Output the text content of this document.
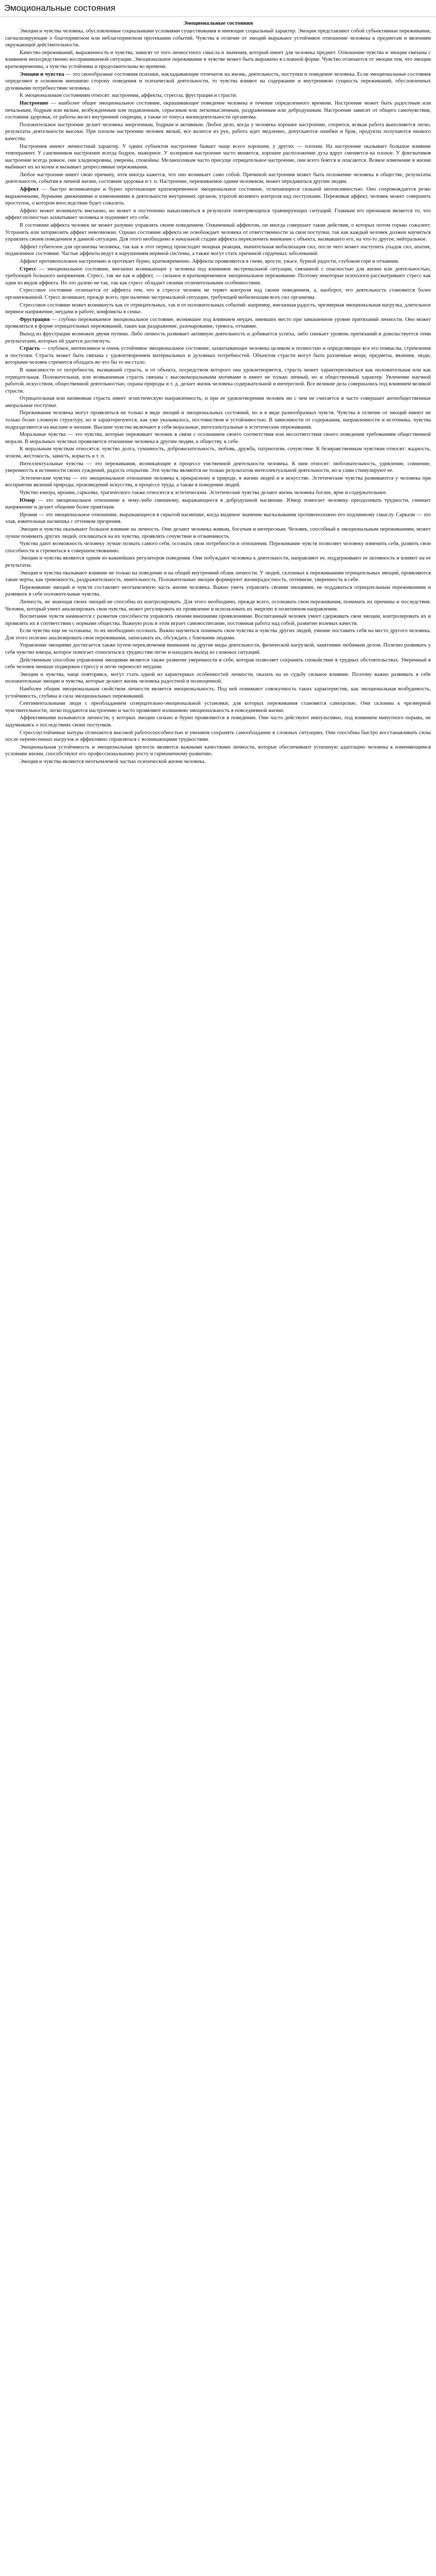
Эмоциональные состояния
Эмоциональные состояния

Эмоции и чувства человека, обусловленные социальными условиями существования и имеющие социальный характер. Эмоции представляют собой субъективные переживания, сигнализирующие о благоприятном или неблагоприятном протекании событий. Чувства в отличие от эмоций выражают устойчивое отношение человека к предметам и явлениям окружающей действительности.

Качество переживаний, выраженность и чувства, зависят от того личностного смысла и значения, который имеет для человека предмет. Отношение чувства и эмоции связаны с влиянием непосредственно воспринимаемой ситуации. Эмоциональное переживание в чувстве может быть выражено в сложной форме. Чувство отличается от эмоции тем, что эмоции кратковременны, а чувства устойчивы и продолжительны во времени.

Эмоции и чувства — это своеобразные состояния психики, накладывающие отпечаток на жизнь, деятельность, поступки и поведение человека. Если эмоциональные состояния определяют в основном внешнюю сторону поведения и психической деятельности, то чувства влияют на содержание и внутреннюю сущность переживаний, обусловленных духовными потребностями человека.

К эмоциональным состояниям относят: настроения, аффекты, стрессы, фрустрации и страсти.

Настроение — наиболее общее эмоциональное состояние, окрашивающее поведение человека в течение определенного времени. Настроение может быть радостным или печальным, бодрым или вялым, возбужденным или подавленным, серьезным или легкомысленным, раздраженным или добродушным. Настроение зависит от общего самочувствия, состояния здоровья, от работы желез внутренней секреции, а также от тонуса жизнедеятельности организма.

Положительное настроение делает человека энергичным, бодрым и активным. Любое дело, когда у человека хорошее настроение, спорится, всякая работа выполняется легко, результаты деятельности высоки. При плохом настроении человек вялый, все валится из рук, работа идет медленно, допускаются ошибки и брак, продукты получаются низкого качества.

Настроения имеют личностный характер. У одних субъектов настроение бывает чаще всего хорошим, у других — плохим. На настроение оказывает большое влияние темперамент. У сангвиников настроение всегда бодрое, мажорное. У холериков настроение часто меняется, хорошее расположение духа вдруг сменяется на плохое. У флегматиков настроение всегда ровное, они хладнокровны, уверены, спокойны. Меланхоликам часто присуще отрицательное настроение, они всего боятся и опасаются. Всякое изменение в жизни выбивает их из колеи и вызывает депрессивные переживания.

Любое настроение имеет свою причину, хотя иногда кажется, что оно возникает само собой. Причиной настроения может быть положение человека в обществе, результаты деятельности, события в личной жизни, состояние здоровья и т. п. Настроение, переживаемое одним человеком, может передаваться другим людям.

Аффект — быстро возникающее и бурно протекающее кратковременное эмоциональное состояние, отличающееся сильной интенсивностью. Оно сопровождается резко выраженными, бурными движениями и изменениями в деятельности внутренних органов, утратой волевого контроля над поступками. Переживая аффект, человек может совершить проступок, о котором впоследствии будет сожалеть.

Аффект может возникнуть внезапно, но может и постепенно накапливаться в результате повторяющихся травмирующих ситуаций. Главным его признаком является то, что аффект полностью захватывает человека и подчиняет его себе.

В состоянии аффекта человек не может разумно управлять своим поведением. Охваченный аффектом, он иногда совершает такие действия, о которых потом горько сожалеет. Устранить или затормозить аффект невозможно. Однако состояние аффекта не освобождает человека от ответственности за свои поступки, так как каждый человек должен научиться управлять своим поведением в данной ситуации. Для этого необходимо в начальной стадии аффекта переключить внимание с объекта, вызвавшего его, на что-то другое, нейтральное.

Аффект губителен для организма человека, так как в этот период происходит мощная реакция, значительная мобилизация сил, после чего может наступить упадок сил, апатия, подавленное состояние. Частые аффекты ведут к нарушениям нервной системы, а также могут стать причиной сердечных заболеваний.

Аффект противоположен настроению и протекает бурно, кратковременно. Аффекты проявляются в гневе, ярости, ужасе, бурной радости, глубоком горе и отчаянии.

Стресс — эмоциональное состояние, внезапно возникающее у человека под влиянием экстремальной ситуации, связанной с опасностью для жизни или деятельностью, требующей большого напряжения. Стресс, так же как и аффект, — сильное и кратковременное эмоциональное переживание. Поэтому некоторые психологи рассматривают стресс как один из видов аффекта. Но это далеко не так, так как стресс обладает своими отличительными особенностями.

Стрессовое состояние отличается от аффекта тем, что в стрессе человек не теряет контроля над своим поведением, а, наоборот, его деятельность становится более организованной. Стресс возникает, прежде всего, при наличии экстремальной ситуации, требующей мобилизации всех сил организма.

Стрессовое состояние может возникнуть как от отрицательных, так и от положительных событий: например, внезапная радость, чрезмерная эмоциональная нагрузка, длительное нервное напряжение, неудачи в работе, конфликты в семье.

Фрустрация — глубоко переживаемое эмоциональное состояние, возникшее под влиянием неудач, имевших место при завышенном уровне притязаний личности. Оно может проявляться в форме отрицательных переживаний, таких как раздражение, разочарование, тревога, отчаяние.

Выход из фрустрации возможен двумя путями. Либо личность развивает активную деятельность и добивается успеха, либо снижает уровень притязаний и довольствуется теми результатами, которых ей удается достигнуть.

Страсть — глубокое, интенсивное и очень устойчивое эмоциональное состояние, захватывающее человека целиком и полностью и определяющее все его помыслы, стремления и поступки. Страсть может быть связана с удовлетворением материальных и духовных потребностей. Объектом страсти могут быть различные вещи, предметы, явления, люди, которыми человек стремится обладать во что бы то ни стало.

В зависимости от потребности, вызвавшей страсть, и от объекта, посредством которого она удовлетворяется, страсть может характеризоваться как положительная или как отрицательная. Положительная, или возвышенная страсть связана с высокоморальными мотивами и имеет не только личный, но и общественный характер. Увлечение научной работой, искусством, общественной деятельностью, охрана природы и т. д. делает жизнь человека содержательной и интересной. Все великие дела совершались под влиянием великой страсти.

Отрицательная или низменная страсть имеет эгоистическую направленность, и при ее удовлетворении человек ни с чем не считается и часто совершает антиобщественные аморальные поступки.

Переживания человека могут проявляться не только в виде эмоций и эмоциональных состояний, но и в виде разнообразных чувств. Чувства в отличие от эмоций имеют не только более сложную структуру, но и характеризуются, как уже указывалось, постоянством и устойчивостью. В зависимости от содержания, направленности и источника, чувства подразделяются на высшие и низшие. Высшие чувства включают в себя моральные, интеллектуальные и эстетические переживания.

Моральные чувства — это чувства, которые переживает человек в связи с осознанием своего соответствия или несоответствия своего поведения требованиям общественной морали. В моральных чувствах проявляется отношение человека к другим людям, к обществу, к себе.

К моральным чувствам относятся: чувство долга, гуманность, доброжелательность, любовь, дружба, патриотизм, сочувствие. К безнравственным чувствам относят: жадность, эгоизм, жестокость, зависть, корысть и т. п.

Интеллектуальные чувства — это переживания, возникающие в процессе умственной деятельности человека. К ним относят: любознательность, удивление, сомнение, уверенность в истинности своих суждений, радость открытия. Эти чувства являются не только результатом интеллектуальной деятельности, но и сами стимулируют ее.

Эстетические чувства — это эмоциональное отношение человека к прекрасному в природе, в жизни людей и в искусстве. Эстетические чувства развиваются у человека при восприятии явлений природы, произведений искусства, в процессе труда, а также в поведении людей.

Чувство юмора, иронии, сарказма, трагического также относятся к эстетическим. Эстетические чувства делают жизнь человека богаче, ярче и содержательнее.

Юмор — это эмоциональное отношение к чему-либо смешному, выражающееся в добродушной насмешке. Юмор помогает человеку преодолевать трудности, снимает напряжение и делает общение более приятным.

Ирония — это эмоциональное отношение, выражающееся в скрытой насмешке, когда видимое значение высказывания противоположно его подлинному смыслу. Сарказм — это злая, язвительная насмешка с оттенком презрения.

Эмоции и чувства оказывают большое влияние на личность. Они делают человека живым, богатым и интересным. Человек, способный к эмоциональным переживаниям, может лучше понимать других людей, откликаться на их чувства, проявлять сочувствие и отзывчивость.

Чувства дают возможность человеку лучше познать самого себя, осознать свои потребности и отношения. Переживание чувств позволяет человеку изменить себя, развить свои способности и стремиться к совершенствованию.

Эмоции и чувства являются одним из важнейших регуляторов поведения. Они побуждают человека к деятельности, направляют ее, поддерживают ее активность и влияют на ее результаты.

Эмоции и чувства оказывают влияние не только на поведение и на общий внутренний облик личности. У людей, склонных к переживаниям отрицательных эмоций, проявляются такие черты, как тревожность, раздражительность, мнительность. Положительные эмоции формируют жизнерадостность, оптимизм, уверенность в себе.

Переживание эмоций и чувств составляет неотъемлемую часть жизни человека. Важно уметь управлять своими эмоциями, не поддаваться отрицательным переживаниям и развивать в себе положительные чувства.

Личность, не знающая своих эмоций не способна их контролировать. Для этого необходимо, прежде всего, осознавать свои переживания, понимать их причины и последствия. Человек, который умеет анализировать свои чувства, может регулировать их проявление и использовать их энергию в позитивном направлении.

Воспитание чувств начинается с развития способности управлять своими внешними проявлениями. Воспитанный человек умеет сдерживать свои эмоции, контролировать их и проявлять их в соответствии с нормами общества. Важную роль в этом играет самовоспитание, постоянная работа над собой, развитие волевых качеств.

Если чувства еще не осознаны, то их необходимо осознать. Важно научиться понимать свои чувства и чувства других людей, умение поставить себя на место другого человека. Для этого полезно анализировать свои переживания, записывать их, обсуждать с близкими людьми.

Управление эмоциями достигается также путем переключения внимания на другие виды деятельности, физической нагрузкой, занятиями любимым делом. Полезно развивать у себя чувство юмора, которое помогает относиться к трудностям легче и находить выход из сложных ситуаций.

Действенным способом управления эмоциями является также развитие уверенности в себе, которая позволяет сохранять спокойствие в трудных обстоятельствах. Уверенный в себе человек меньше подвержен стрессу и легче переносит неудачи.

Эмоции и чувства, чаще повторяясь, могут стать одной из характерных особенностей личности, оказать на ее судьбу сильное влияние. Поэтому важно развивать в себе положительные эмоции и чувства, которые делают жизнь человека радостной и полноценной.

Наиболее общим эмоциональным свойством личности является эмоциональность. Под ней понимают совокупность таких характеристик, как эмоциональная возбудимость, устойчивость, глубина и сила эмоциональных переживаний.

Сентиментальными люди с преобладанием созерцательно-эмоциональной установки, для которых переживания становятся самоцелью. Они склонны к чрезмерной чувствительности, легко поддаются настроению и часто проявляют излишнюю эмоциональность в повседневной жизни.

Аффективными называются личности, у которых эмоции сильно и бурно проявляются в поведении. Они часто действуют импульсивно, под влиянием минутного порыва, не задумываясь о последствиях своих поступков.

Стрессоустойчивые натуры отличаются высокой работоспособностью и умением сохранять самообладание в сложных ситуациях. Они способны быстро восстанавливать силы после перенесенных нагрузок и эффективно справляться с возникающими трудностями.

Эмоциональная устойчивость и эмоциональная зрелость являются важными качествами личности, которые обеспечивают успешную адаптацию человека к изменяющимся условиям жизни, способствуют его профессиональному росту и гармоничному развитию.

Эмоции и чувства являются неотъемлемой частью психической жизни человека.
